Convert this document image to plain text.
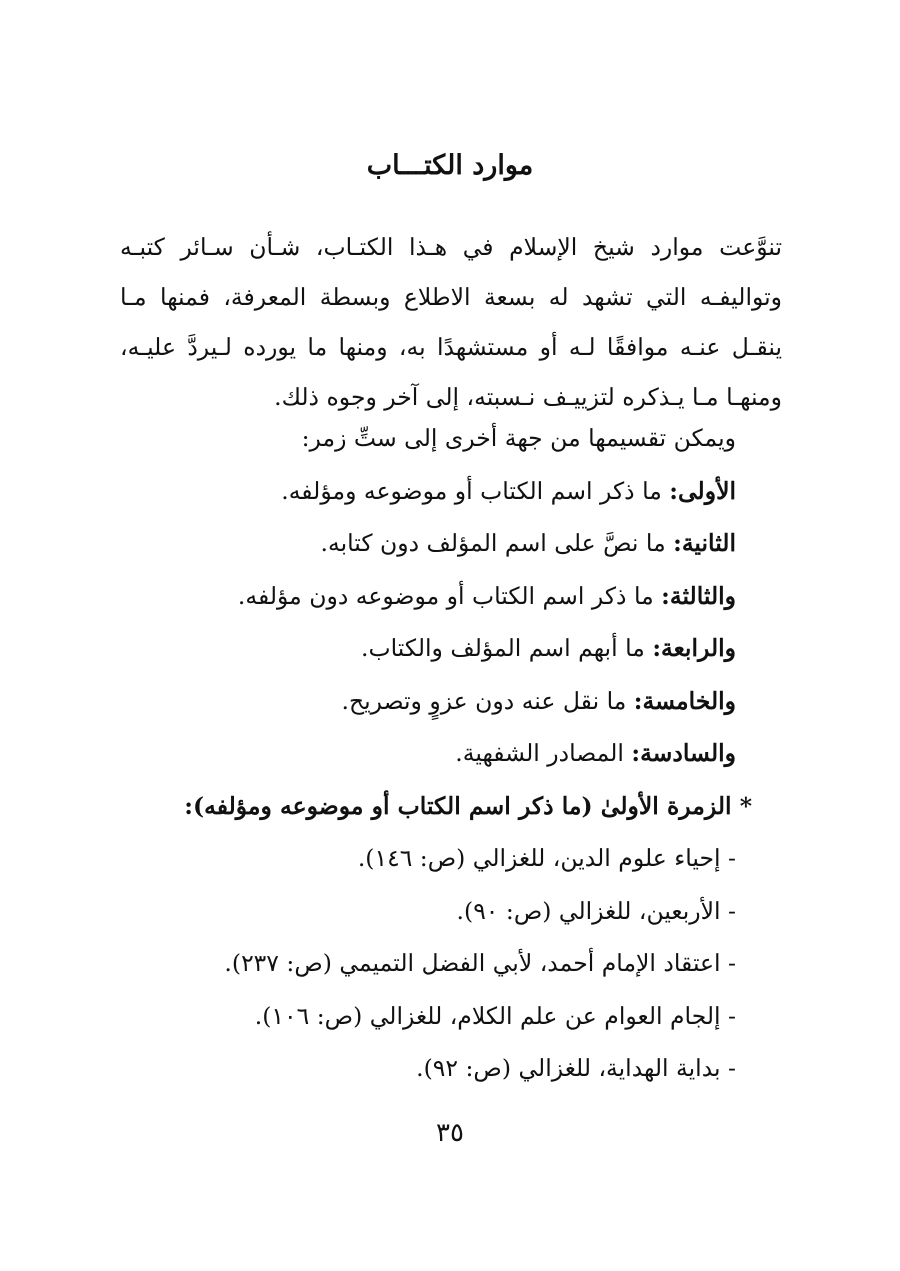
موارد الكتـــاب
تنوَّعت موارد شيخ الإسلام في هـذا الكتـاب، شـأن سـائر كتبـه وتواليفـه التي تشهد له بسعة الاطلاع وبسطة المعرفة، فمنها مـا ينقـل عنـه موافقًا لـه أو مستشهدًا به، ومنها ما يورده لـيردَّ عليـه، ومنهـا مـا يـذكره لتزييـف نـسبته، إلى آخر وجوه ذلك.
ويمكن تقسيمها من جهة أخرى إلى ستِّ زمر:
الأولى: ما ذكر اسم الكتاب أو موضوعه ومؤلفه.
الثانية: ما نصَّ على اسم المؤلف دون كتابه.
والثالثة: ما ذكر اسم الكتاب أو موضوعه دون مؤلفه.
والرابعة: ما أبهم اسم المؤلف والكتاب.
والخامسة: ما نقل عنه دون عزوٍ وتصريح.
والسادسة: المصادر الشفهية.
* الزمرة الأولىٰ (ما ذكر اسم الكتاب أو موضوعه ومؤلفه):
- إحياء علوم الدين، للغزالي (ص: ١٤٦).
- الأربعين، للغزالي (ص: ٩٠).
- اعتقاد الإمام أحمد، لأبي الفضل التميمي (ص: ٢٣٧).
- إلجام العوام عن علم الكلام، للغزالي (ص: ١٠٦).
- بداية الهداية، للغزالي (ص: ٩٢).
٣٥
